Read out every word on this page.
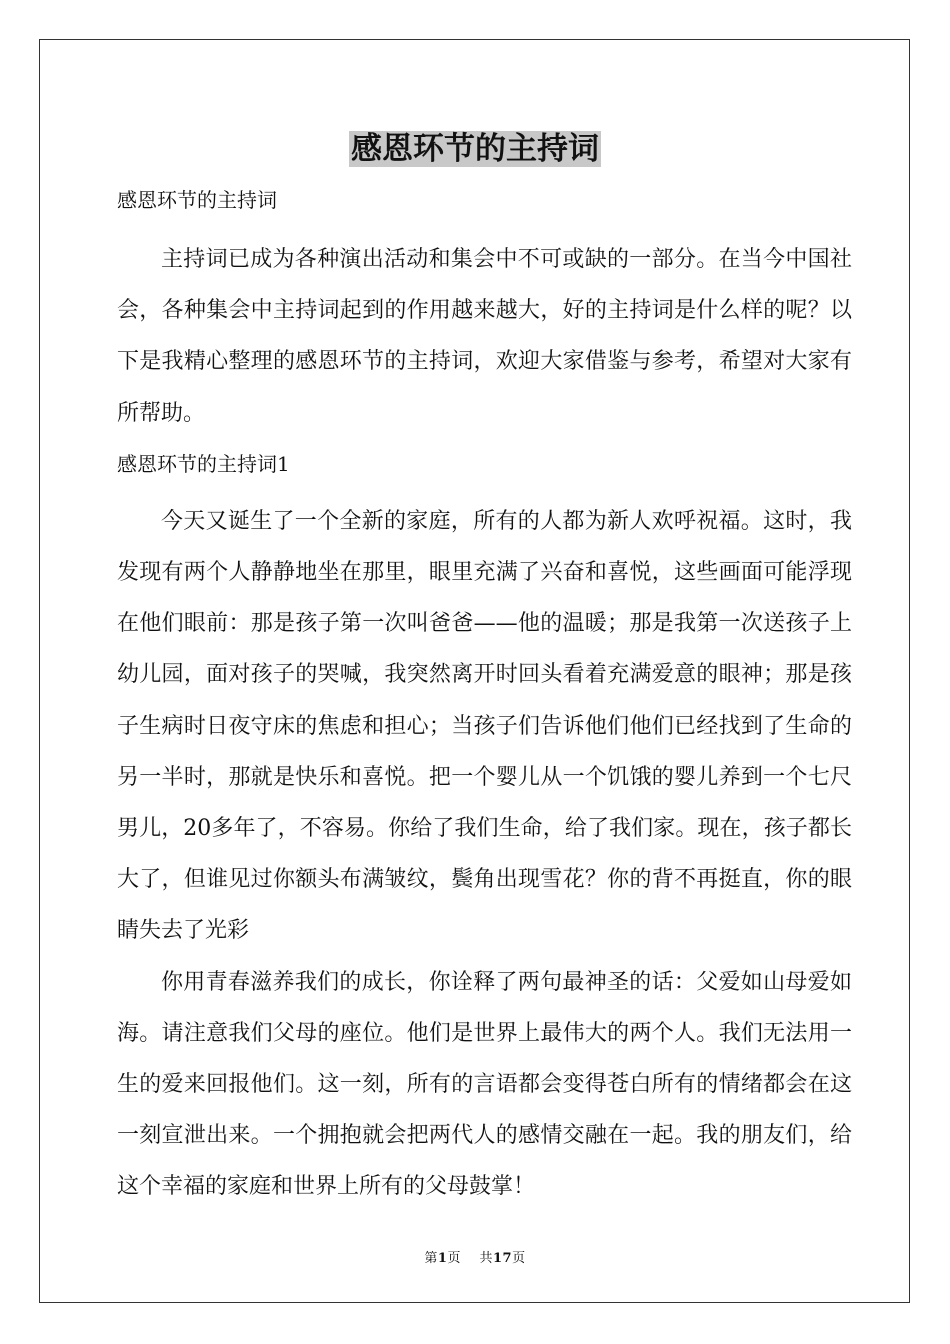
感恩环节的主持词
感恩环节的主持词

主持词已成为各种演出活动和集会中不可或缺的一部分。在当今中国社会，各种集会中主持词起到的作用越来越大，好的主持词是什么样的呢？以下是我精心整理的感恩环节的主持词，欢迎大家借鉴与参考，希望对大家有所帮助。

感恩环节的主持词1

今天又诞生了一个全新的家庭，所有的人都为新人欢呼祝福。这时，我发现有两个人静静地坐在那里，眼里充满了兴奋和喜悦，这些画面可能浮现在他们眼前：那是孩子第一次叫爸爸——他的温暖；那是我第一次送孩子上幼儿园，面对孩子的哭喊，我突然离开时回头看着充满爱意的眼神；那是孩子生病时日夜守床的焦虑和担心；当孩子们告诉他们他们已经找到了生命的另一半时，那就是快乐和喜悦。把一个婴儿从一个饥饿的婴儿养到一个七尺男儿，20多年了，不容易。你给了我们生命，给了我们家。现在，孩子都长大了，但谁见过你额头布满皱纹，鬓角出现雪花？你的背不再挺直，你的眼睛失去了光彩

你用青春滋养我们的成长，你诠释了两句最神圣的话：父爱如山母爱如海。请注意我们父母的座位。他们是世界上最伟大的两个人。我们无法用一生的爱来回报他们。这一刻，所有的言语都会变得苍白所有的情绪都会在这一刻宣泄出来。一个拥抱就会把两代人的感情交融在一起。我的朋友们，给这个幸福的家庭和世界上所有的父母鼓掌！

第1页 共17页
